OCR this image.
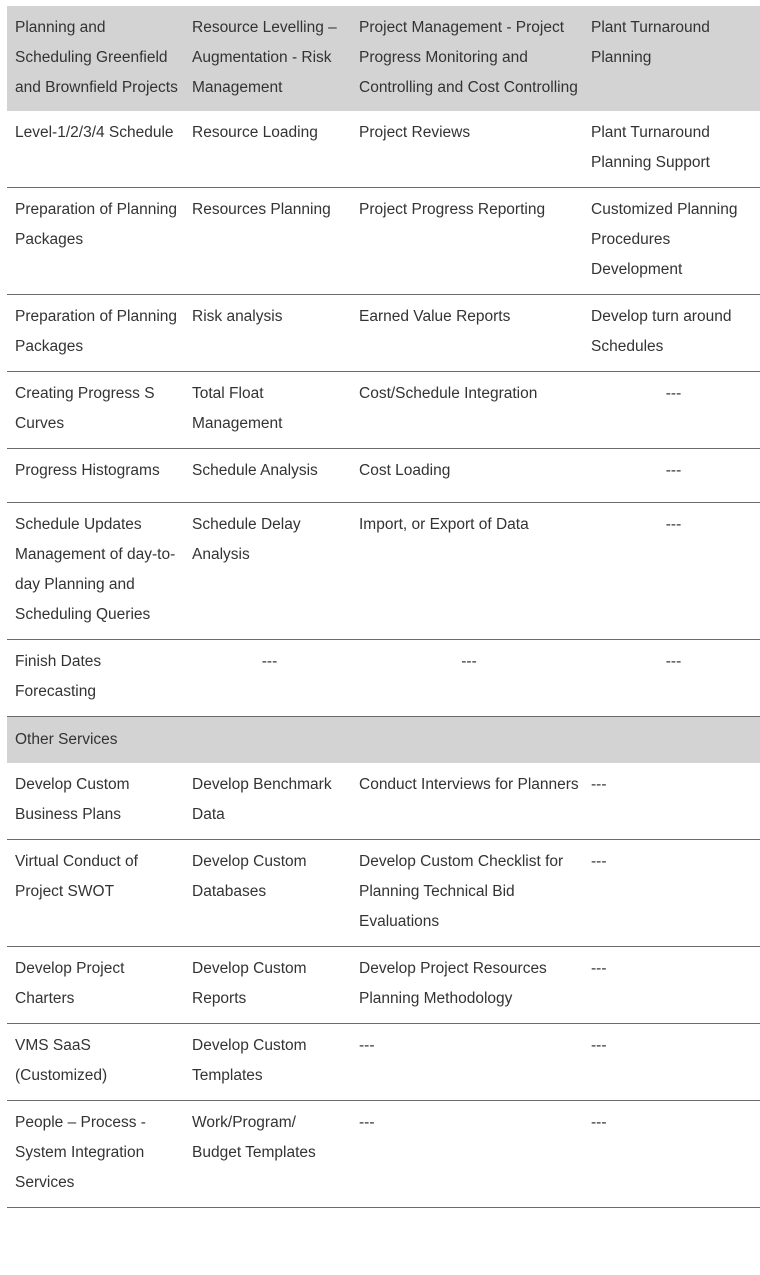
Planning and Scheduling Greenfield and Brownfield Projects	Resource Levelling – Augmentation - Risk Management	Project Management - Project Progress Monitoring and Controlling and Cost Controlling	Plant Turnaround Planning
Level-1/2/3/4 Schedule	Resource Loading	Project Reviews	Plant Turnaround Planning Support
Preparation of Planning Packages	Resources Planning	Project Progress Reporting	Customized Planning Procedures Development
Preparation of Planning Packages	Risk analysis	Earned Value Reports	Develop turn around Schedules
Creating Progress S Curves	Total Float Management	Cost/Schedule Integration	---
Progress Histograms	Schedule Analysis	Cost Loading	---
Schedule Updates Management of day-to-day Planning and Scheduling Queries	Schedule Delay Analysis	Import, or Export of Data	---
Finish Dates Forecasting	---	---	---
Other Services			
Develop Custom Business Plans	Develop Benchmark Data	Conduct Interviews for Planners	---
Virtual Conduct of Project SWOT	Develop Custom Databases	Develop Custom Checklist for Planning Technical Bid Evaluations	---
Develop Project Charters	Develop Custom Reports	Develop Project Resources Planning Methodology	---
VMS SaaS (Customized)	Develop Custom Templates	---	---
People – Process - System Integration Services	Work/Program/ Budget Templates	---	---
